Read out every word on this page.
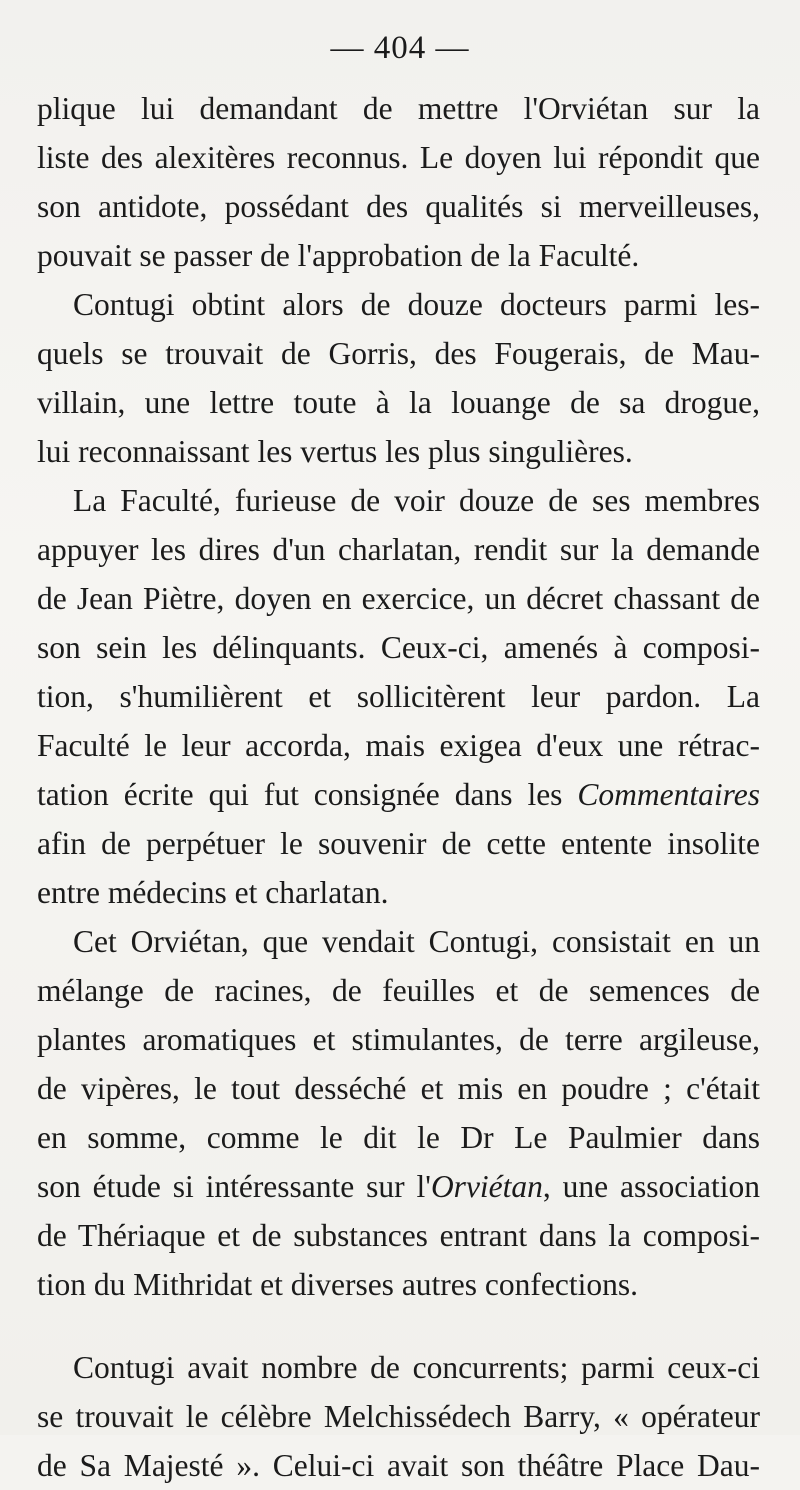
— 404 —
plique lui demandant de mettre l'Orviétan sur la
liste des alexitères reconnus. Le doyen lui répondit que
son antidote, possédant des qualités si merveilleuses,
pouvait se passer de l'approbation de la Faculté.
Contugi obtint alors de douze docteurs parmi les-
quels se trouvait de Gorris, des Fougerais, de Mau-
villain, une lettre toute à la louange de sa drogue,
lui reconnaissant les vertus les plus singulières.
La Faculté, furieuse de voir douze de ses membres
appuyer les dires d'un charlatan, rendit sur la demande
de Jean Piètre, doyen en exercice, un décret chassant de
son sein les délinquants. Ceux-ci, amenés à composi-
tion, s'humilièrent et sollicitèrent leur pardon. La
Faculté le leur accorda, mais exigea d'eux une rétrac-
tation écrite qui fut consignée dans les Commentaires
afin de perpétuer le souvenir de cette entente insolite
entre médecins et charlatan.
Cet Orviétan, que vendait Contugi, consistait en un
mélange de racines, de feuilles et de semences de
plantes aromatiques et stimulantes, de terre argileuse,
de vipères, le tout desséché et mis en poudre ; c'était
en somme, comme le dit le Dr Le Paulmier dans
son étude si intéressante sur l'Orviétan, une association
de Thériaque et de substances entrant dans la composi-
tion du Mithridat et diverses autres confections.
Contugi avait nombre de concurrents; parmi ceux-ci
se trouvait le célèbre Melchissédech Barry, « opérateur
de Sa Majesté ». Celui-ci avait son théâtre Place Dau-
